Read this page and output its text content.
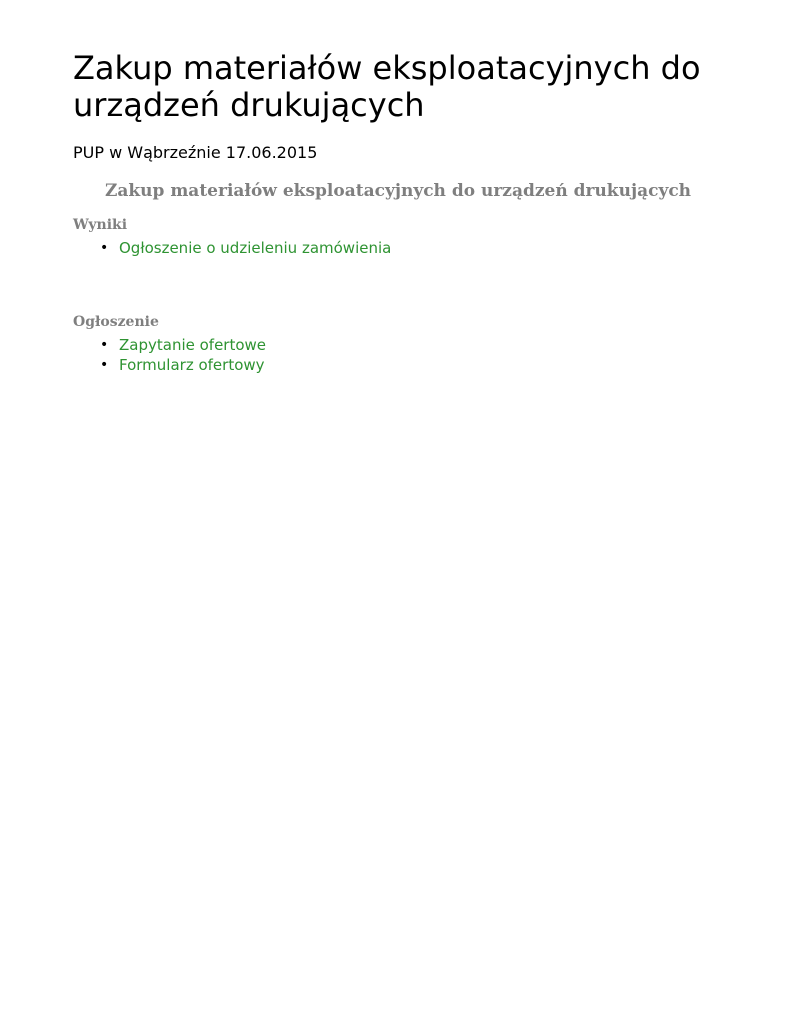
Zakup materiałów eksploatacyjnych do urządzeń drukujących

PUP w Wąbrzeźnie 17.06.2015

Zakup materiałów eksploatacyjnych do urządzeń drukujących
Wyniki
• Ogłoszenie o udzieleniu zamówienia
Ogłoszenie
• Zapytanie ofertowe
• Formularz ofertowy
